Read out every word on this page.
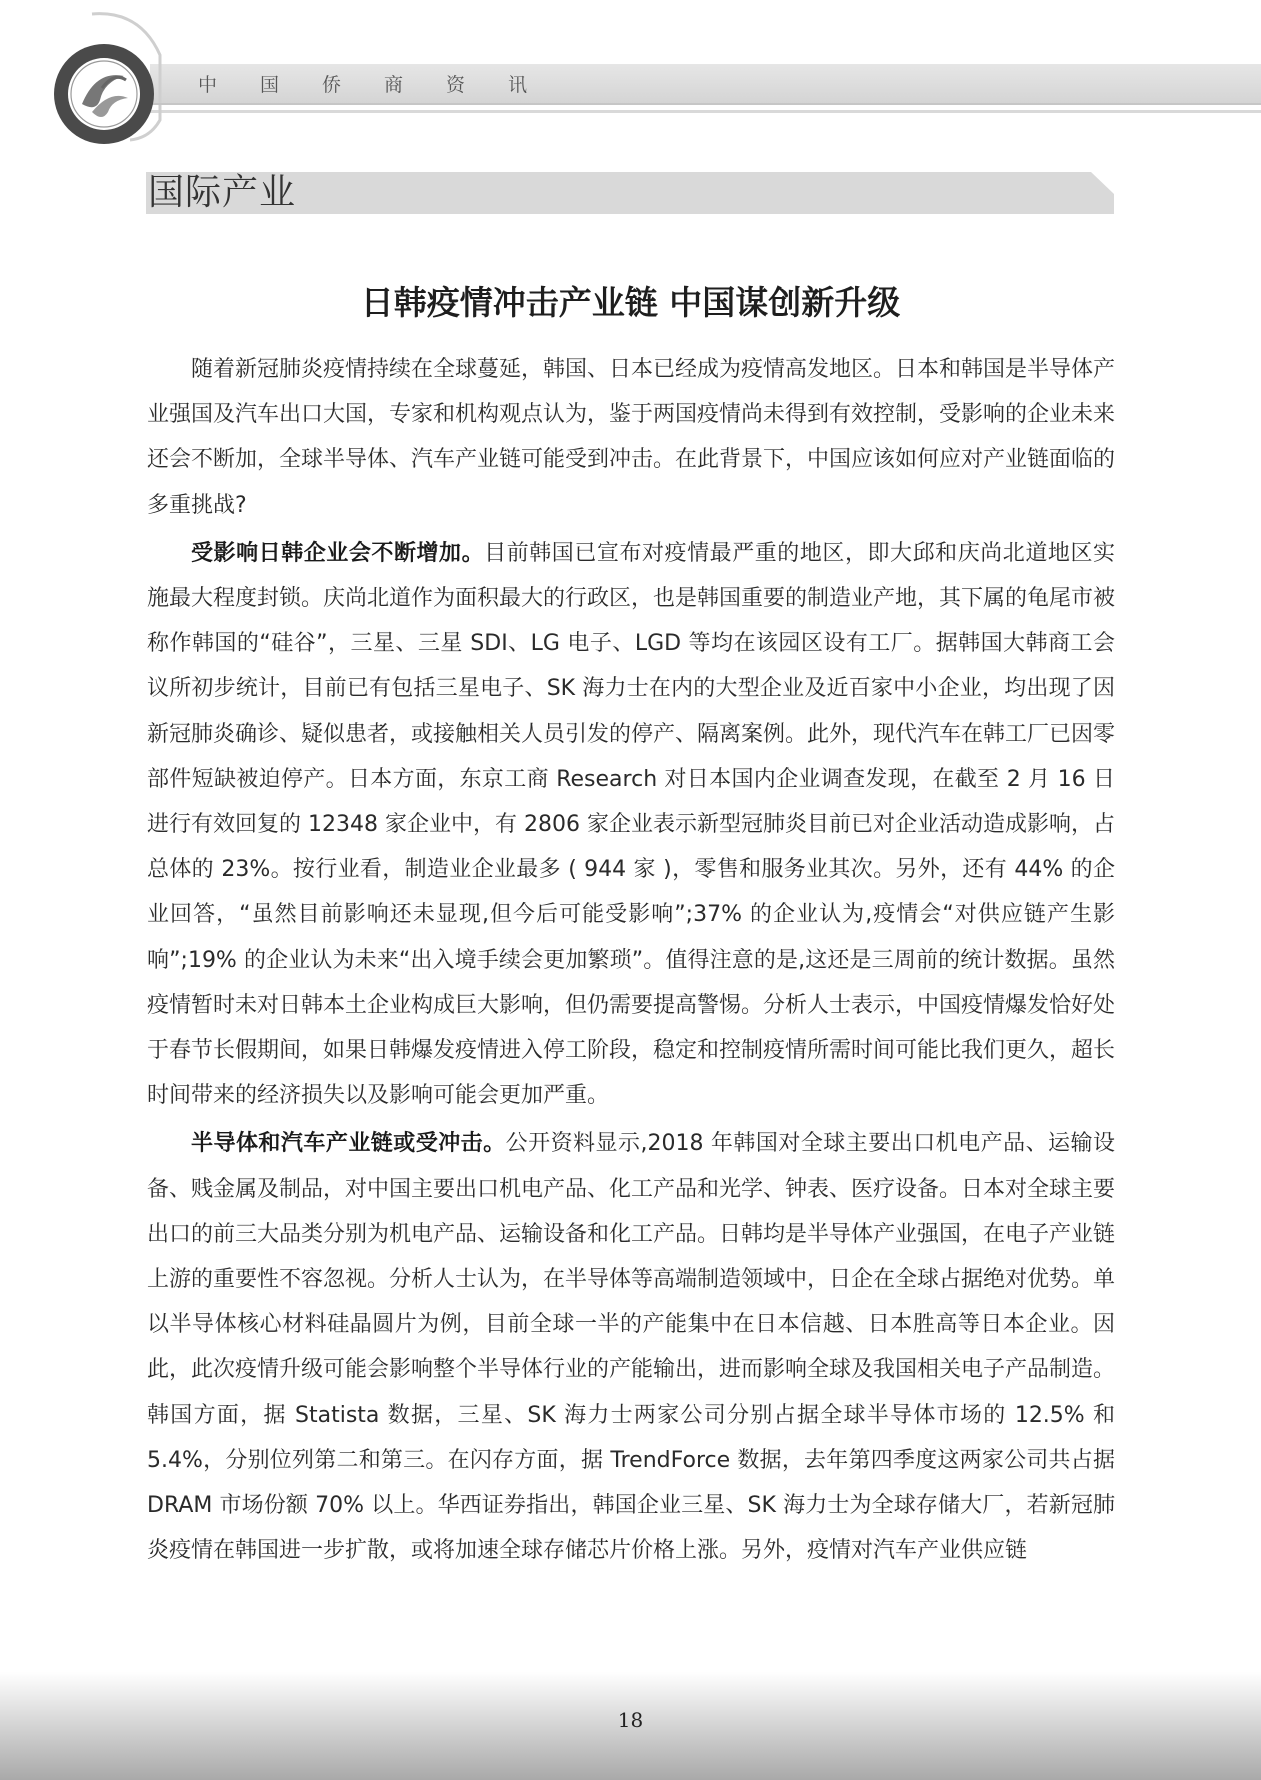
中国侨商资讯
国际产业
日韩疫情冲击产业链 中国谋创新升级

随着新冠肺炎疫情持续在全球蔓延，韩国、日本已经成为疫情高发地区。日本和韩国是半导体产业强国及汽车出口大国，专家和机构观点认为，鉴于两国疫情尚未得到有效控制，受影响的企业未来还会不断加，全球半导体、汽车产业链可能受到冲击。在此背景下，中国应该如何应对产业链面临的多重挑战?

受影响日韩企业会不断增加。目前韩国已宣布对疫情最严重的地区，即大邱和庆尚北道地区实施最大程度封锁。庆尚北道作为面积最大的行政区，也是韩国重要的制造业产地，其下属的龟尾市被称作韩国的“硅谷”，三星、三星 SDI、LG 电子、LGD 等均在该园区设有工厂。据韩国大韩商工会议所初步统计，目前已有包括三星电子、SK 海力士在内的大型企业及近百家中小企业，均出现了因新冠肺炎确诊、疑似患者，或接触相关人员引发的停产、隔离案例。此外，现代汽车在韩工厂已因零部件短缺被迫停产。日本方面，东京工商 Research 对日本国内企业调查发现，在截至 2 月 16 日进行有效回复的 12348 家企业中，有 2806 家企业表示新型冠肺炎目前已对企业活动造成影响，占总体的 23%。按行业看，制造业企业最多 ( 944 家 )，零售和服务业其次。另外，还有 44% 的企业回答，“虽然目前影响还未显现,但今后可能受影响”;37% 的企业认为,疫情会“对供应链产生影响”;19% 的企业认为未来“出入境手续会更加繁琐”。值得注意的是,这还是三周前的统计数据。虽然疫情暂时未对日韩本土企业构成巨大影响，但仍需要提高警惕。分析人士表示，中国疫情爆发恰好处于春节长假期间，如果日韩爆发疫情进入停工阶段，稳定和控制疫情所需时间可能比我们更久，超长时间带来的经济损失以及影响可能会更加严重。

半导体和汽车产业链或受冲击。公开资料显示,2018 年韩国对全球主要出口机电产品、运输设备、贱金属及制品，对中国主要出口机电产品、化工产品和光学、钟表、医疗设备。日本对全球主要出口的前三大品类分别为机电产品、运输设备和化工产品。日韩均是半导体产业强国，在电子产业链上游的重要性不容忽视。分析人士认为，在半导体等高端制造领域中，日企在全球占据绝对优势。单以半导体核心材料硅晶圆片为例，目前全球一半的产能集中在日本信越、日本胜高等日本企业。因此，此次疫情升级可能会影响整个半导体行业的产能输出，进而影响全球及我国相关电子产品制造。韩国方面，据 Statista 数据，三星、SK 海力士两家公司分别占据全球半导体市场的 12.5% 和 5.4%，分别位列第二和第三。在闪存方面，据 TrendForce 数据，去年第四季度这两家公司共占据 DRAM 市场份额 70% 以上。华西证券指出，韩国企业三星、SK 海力士为全球存储大厂，若新冠肺炎疫情在韩国进一步扩散，或将加速全球存储芯片价格上涨。另外，疫情对汽车产业供应链

18
